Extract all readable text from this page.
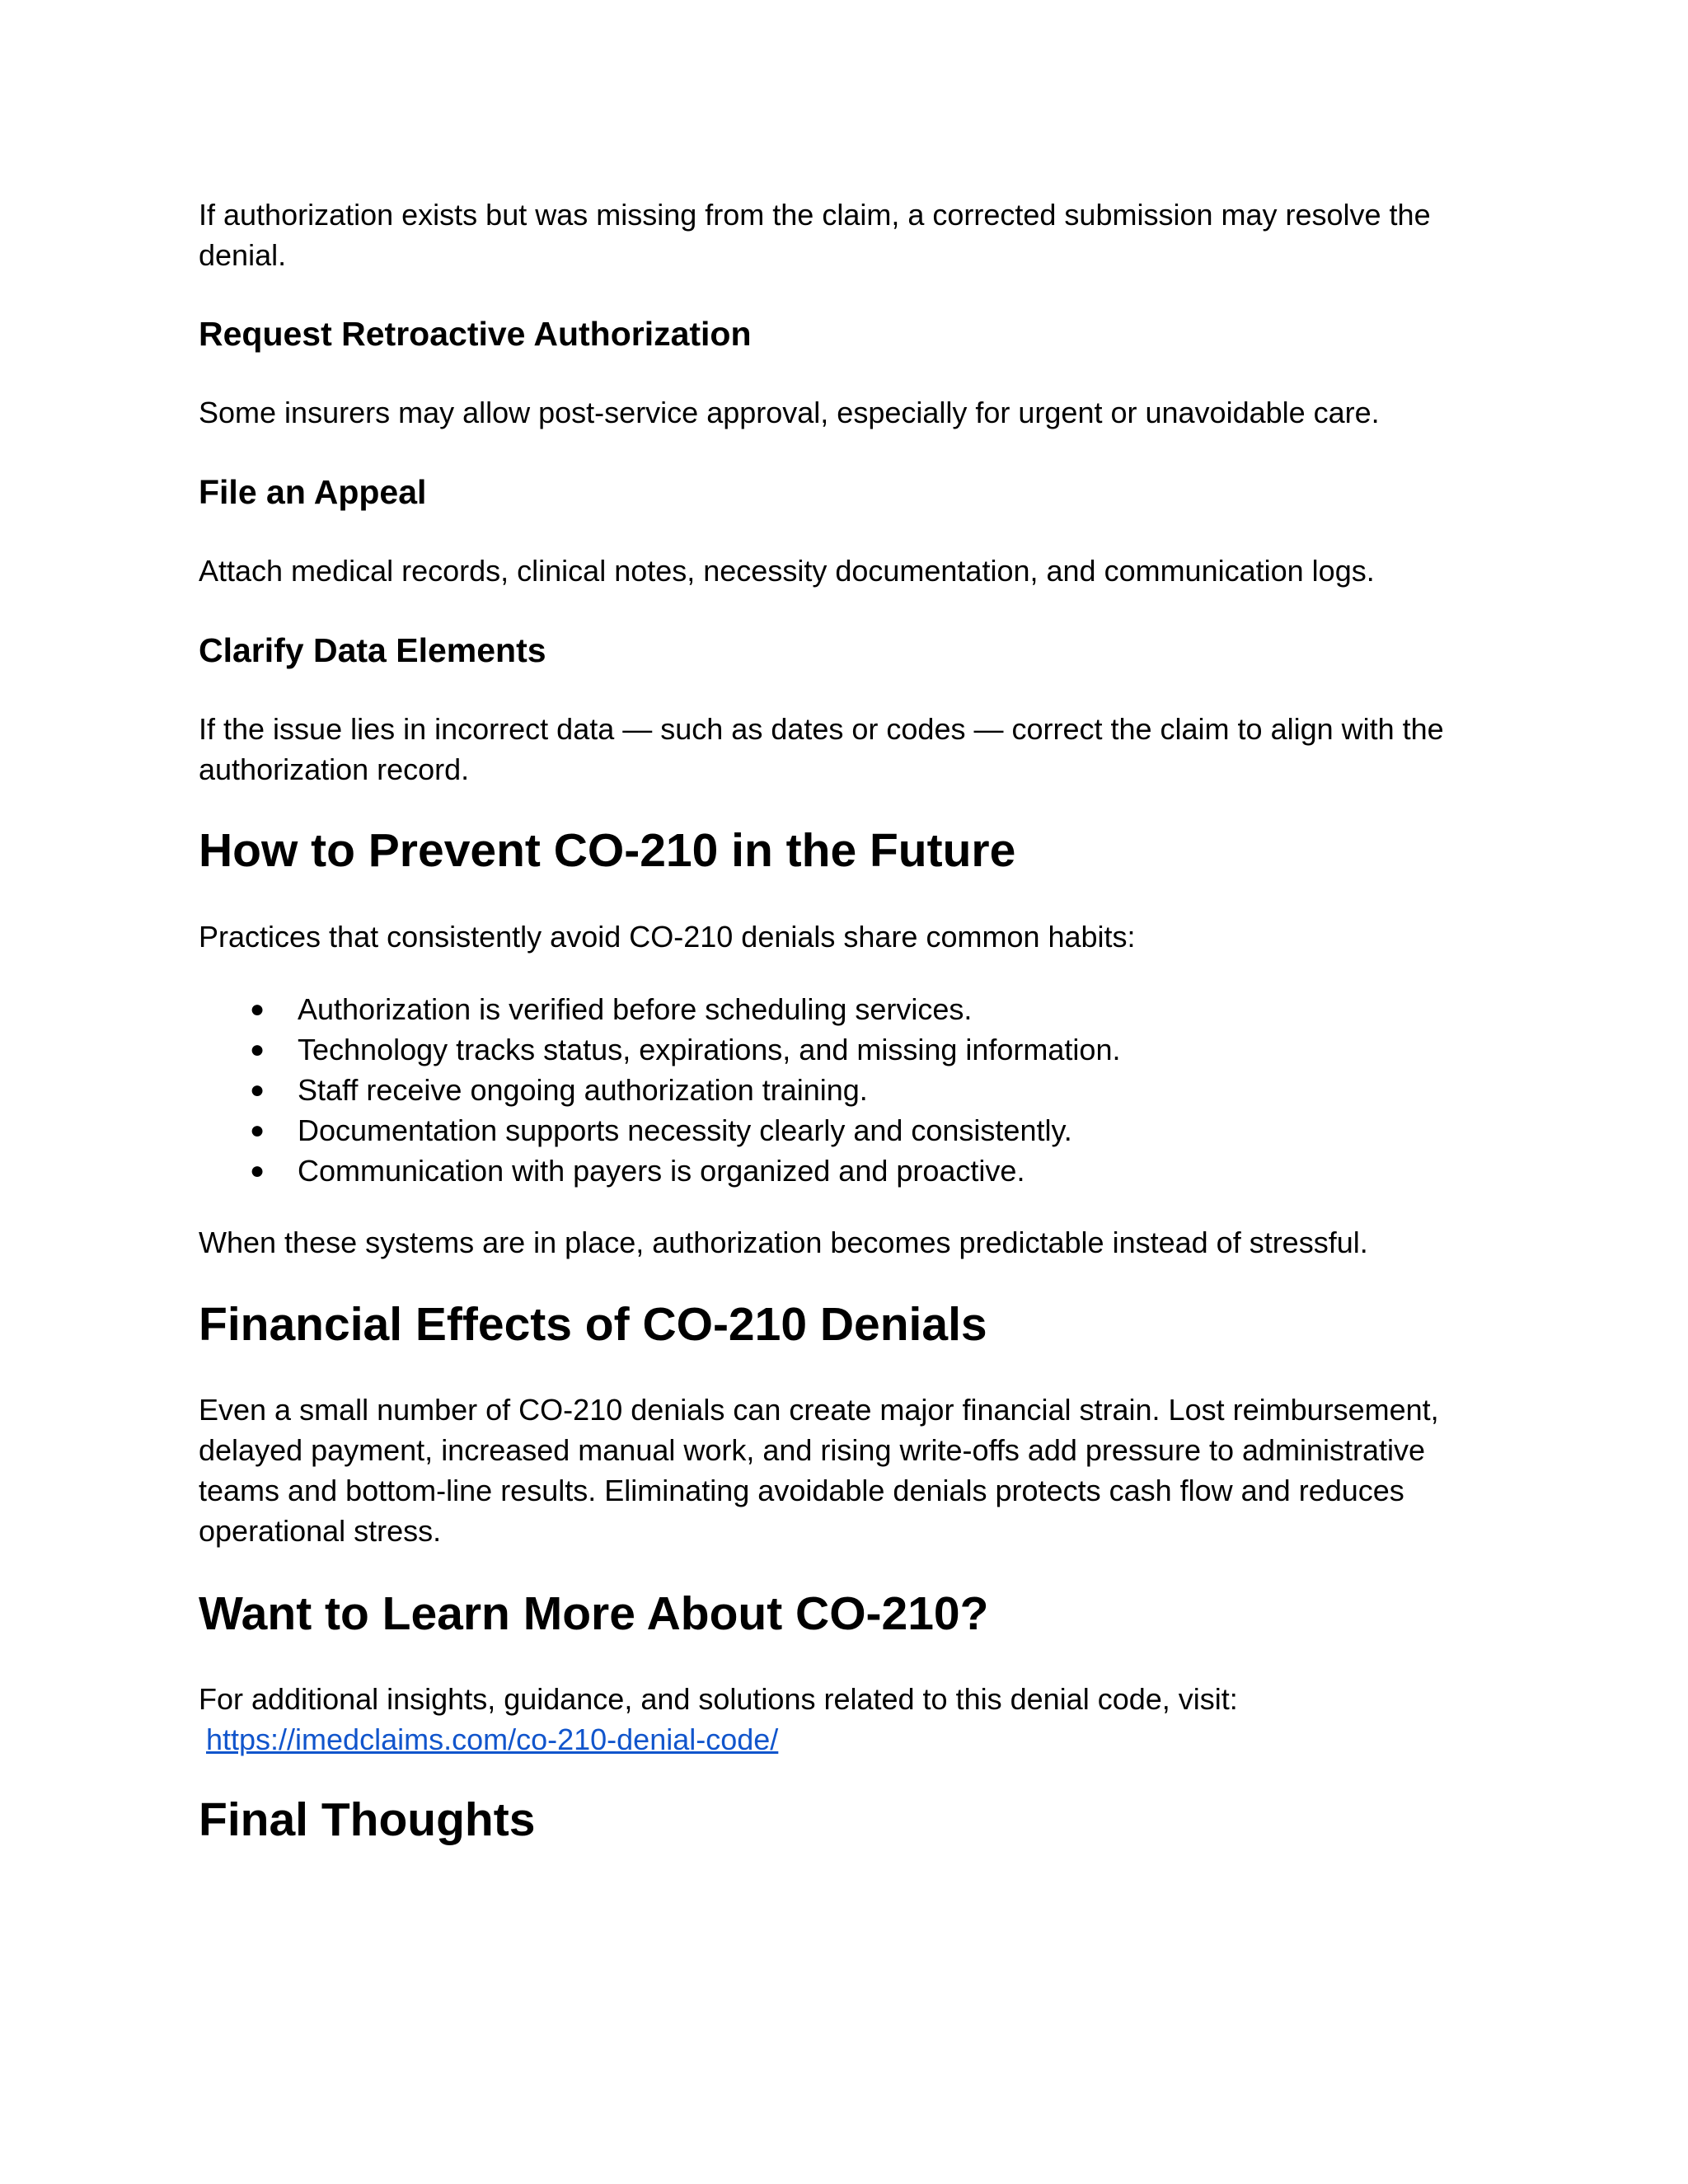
If authorization exists but was missing from the claim, a corrected submission may resolve the denial.

Request Retroactive Authorization

Some insurers may allow post-service approval, especially for urgent or unavoidable care.

File an Appeal

Attach medical records, clinical notes, necessity documentation, and communication logs.

Clarify Data Elements

If the issue lies in incorrect data — such as dates or codes — correct the claim to align with the authorization record.

How to Prevent CO-210 in the Future

Practices that consistently avoid CO-210 denials share common habits:

● Authorization is verified before scheduling services.
● Technology tracks status, expirations, and missing information.
● Staff receive ongoing authorization training.
● Documentation supports necessity clearly and consistently.
● Communication with payers is organized and proactive.

When these systems are in place, authorization becomes predictable instead of stressful.

Financial Effects of CO-210 Denials

Even a small number of CO-210 denials can create major financial strain. Lost reimbursement, delayed payment, increased manual work, and rising write-offs add pressure to administrative teams and bottom-line results. Eliminating avoidable denials protects cash flow and reduces operational stress.

Want to Learn More About CO-210?

For additional insights, guidance, and solutions related to this denial code, visit:
https://imedclaims.com/co-210-denial-code/

Final Thoughts
